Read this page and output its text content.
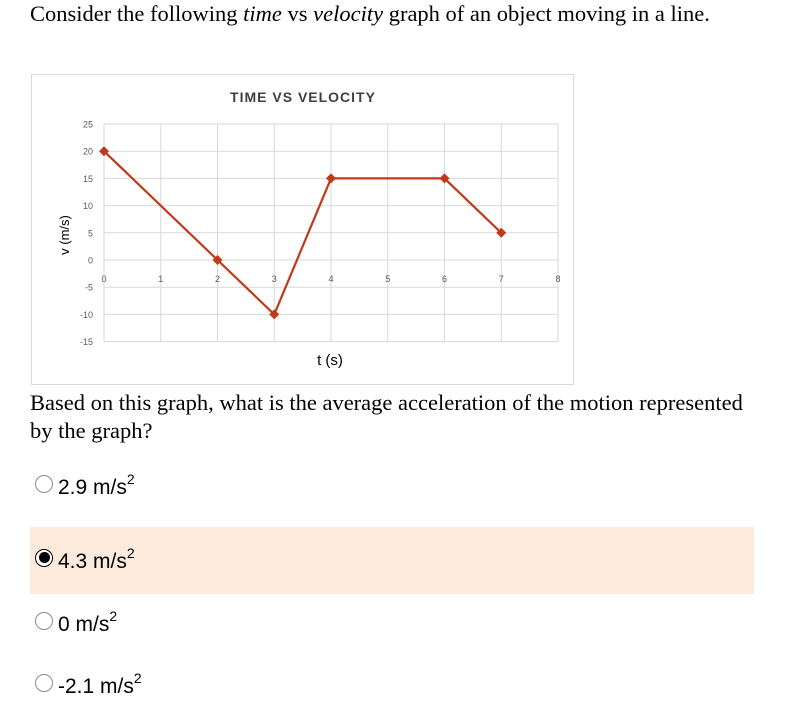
Consider the following time vs velocity graph of an object moving in a line.
25
20
15
10
5
0
-5
-10
-15
0	1	2	3	4	5	6	7	8
TIME VS VELOCITY
t (s)
v (m/s)
Based on this graph, what is the average acceleration of the motion represented by the graph?
2.9 $m/s^2$
4.3 $m/s^2$
0 $m/s^2$
-2.1 $m/s^2$
